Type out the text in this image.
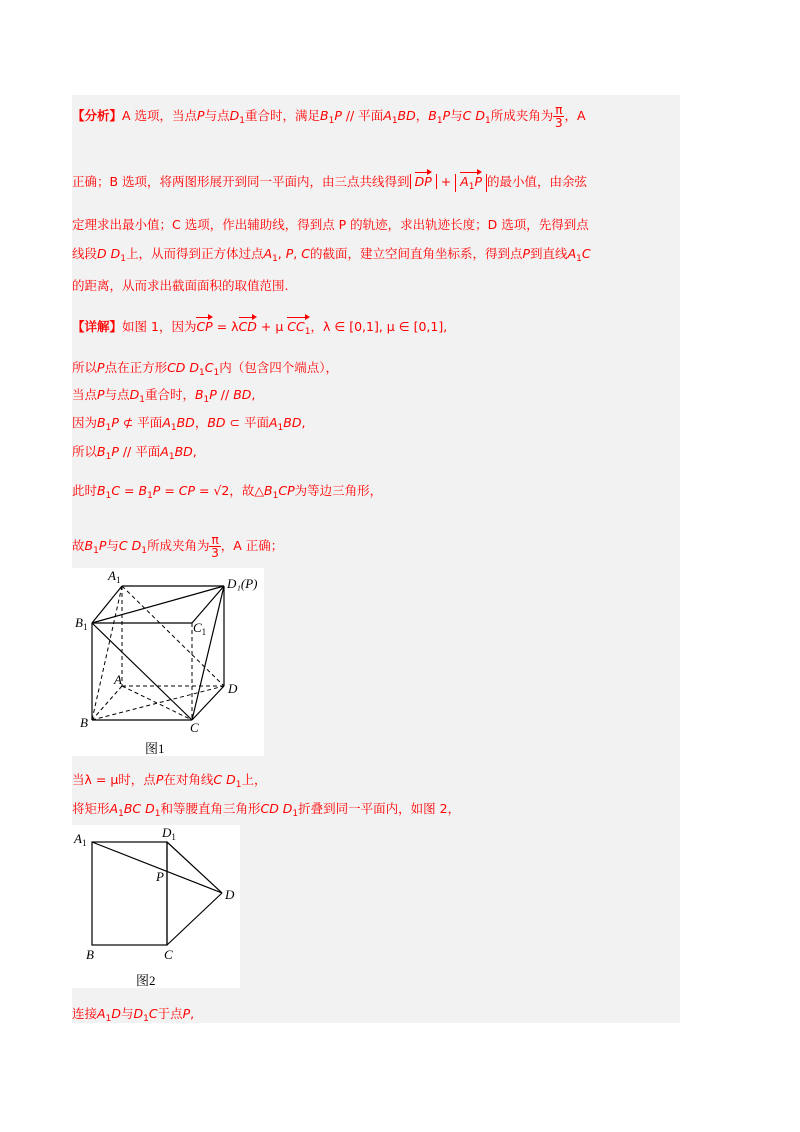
【分析】A 选项，当点P与点$D_1$重合时，满足$B_1P$ // 平面$A_1BD$，$B_1P$与C $D_1$所成夹角为 $\frac{\pi}{3}$ ，A
正确；B 选项，将两图形展开到同一平面内，由三点共线得到 DP + $A_1P$ 的最小值，由余弦
定理求出最小值；C 选项，作出辅助线，得到点 P 的轨迹，求出轨迹长度；D 选项，先得到点
线段D $D_1$上，从而得到正方体过点$A_1$, P, C的截面，建立空间直角坐标系，得到点P到直线$A_1C$
的距离，从而求出截面面积的取值范围.
【详解】如图 1，因为CP = λCD + μ $CC_1$，λ ∈ [0,1], μ ∈ [0,1],
所以P点在正方形CD $D_1C_1$内（包含四个端点），
当点P与点$D_1$重合时，$B_1P$ // BD,
因为$B_1P$ ⊄ 平面$A_1BD$，BD ⊂ 平面$A_1BD$,
所以$B_1P$ // 平面$A_1BD$,
此时$B_1C = B_1P$ = CP = √2，故$\triangle B_1CP$为等边三角形，
故$B_1P$与C $D_1$所成夹角为 $\frac{\pi}{3}$ ，A 正确；
$A_1$	D₁(P)
$B_1$	$C_1$
A
D
B	C
图1
当λ = μ时，点P在对角线C $D_1$上，
将矩形$A_1BC$ $D_1$和等腰直角三角形CD $D_1$折叠到同一平面内，如图 2，
$A_1$
$D_1$
P
D
B	C
图2
连接$A_1D$与$D_1C$于点P,
